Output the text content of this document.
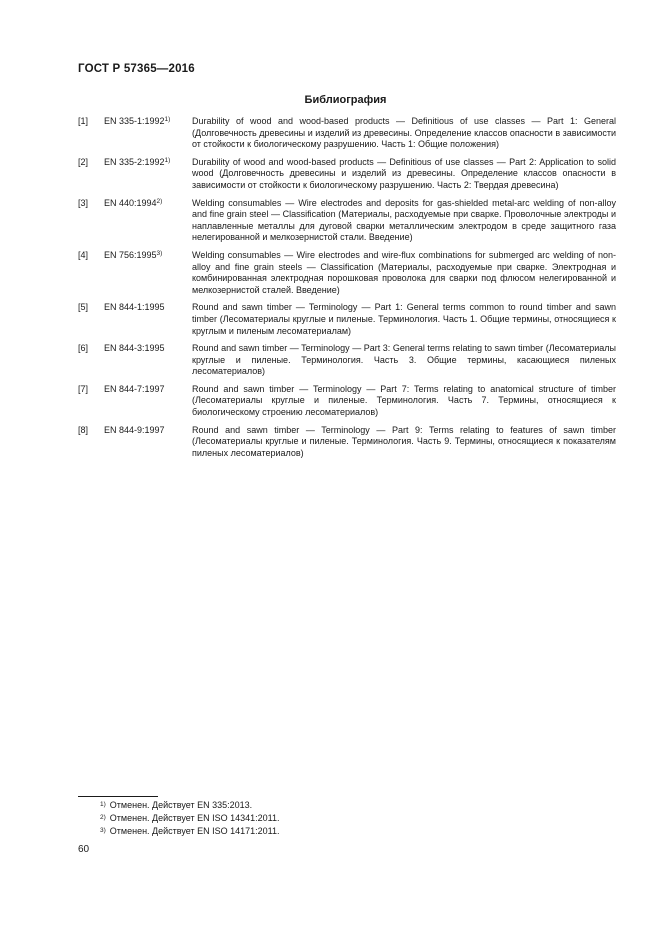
ГОСТ Р 57365—2016
Библиография
[1]	EN 335-1:1992$^{1)}$	Durability of wood and wood-based products — Definitious of use classes — Part 1: General (Долговечность древесины и изделий из древесины. Определение классов опасности в зависимости от стойкости к биологическому разрушению. Часть 1: Общие положения)
[2]	EN 335-2:1992$^{1)}$	Durability of wood and wood-based products — Definitious of use classes — Part 2: Application to solid wood (Долговечность древесины и изделий из древесины. Определение классов опасности в зависимости от стойкости к биологическому разрушению. Часть 2: Твердая древесина)
[3]	EN 440:1994$^{2)}$	Welding consumables — Wire electrodes and deposits for gas-shielded metal-arc welding of non-alloy and fine grain steel — Classification (Материалы, расходуемые при сварке. Проволочные электроды и наплавленные металлы для дуговой сварки металлическим электродом в среде защитного газа нелегированной и мелкозернистой стали. Введение)
[4]	EN 756:1995$^{3)}$	Welding consumables — Wire electrodes and wire-flux combinations for submerged arc welding of non-alloy and fine grain steels — Classification (Материалы, расходуемые при сварке. Электродная и комбинированная электродная порошковая проволока для сварки под флюсом нелегированной и мелкозернистой сталей. Введение)
[5]	EN 844-1:1995	Round and sawn timber — Terminology — Part 1: General terms common to round timber and sawn timber (Лесоматериалы круглые и пиленые. Терминология. Часть 1. Общие термины, относящиеся к круглым и пиленым лесоматериалам)
[6]	EN 844-3:1995	Round and sawn timber — Terminology — Part 3: General terms relating to sawn timber (Лесоматериалы круглые и пиленые. Терминология. Часть 3. Общие термины, касающиеся пиленых лесоматериалов)
[7]	EN 844-7:1997	Round and sawn timber — Terminology — Part 7: Terms relating to anatomical structure of timber (Лесоматериалы круглые и пиленые. Терминология. Часть 7. Термины, относящиеся к биологическому строению лесоматериалов)
[8]	EN 844-9:1997	Round and sawn timber — Terminology — Part 9: Terms relating to features of sawn timber (Лесоматериалы круглые и пиленые. Терминология. Часть 9. Термины, относящиеся к показателям пиленых лесоматериалов)
$^{1)}$ Отменен. Действует EN 335:2013.
$^{2)}$ Отменен. Действует EN ISO 14341:2011.
$^{3)}$ Отменен. Действует EN ISO 14171:2011.
60
